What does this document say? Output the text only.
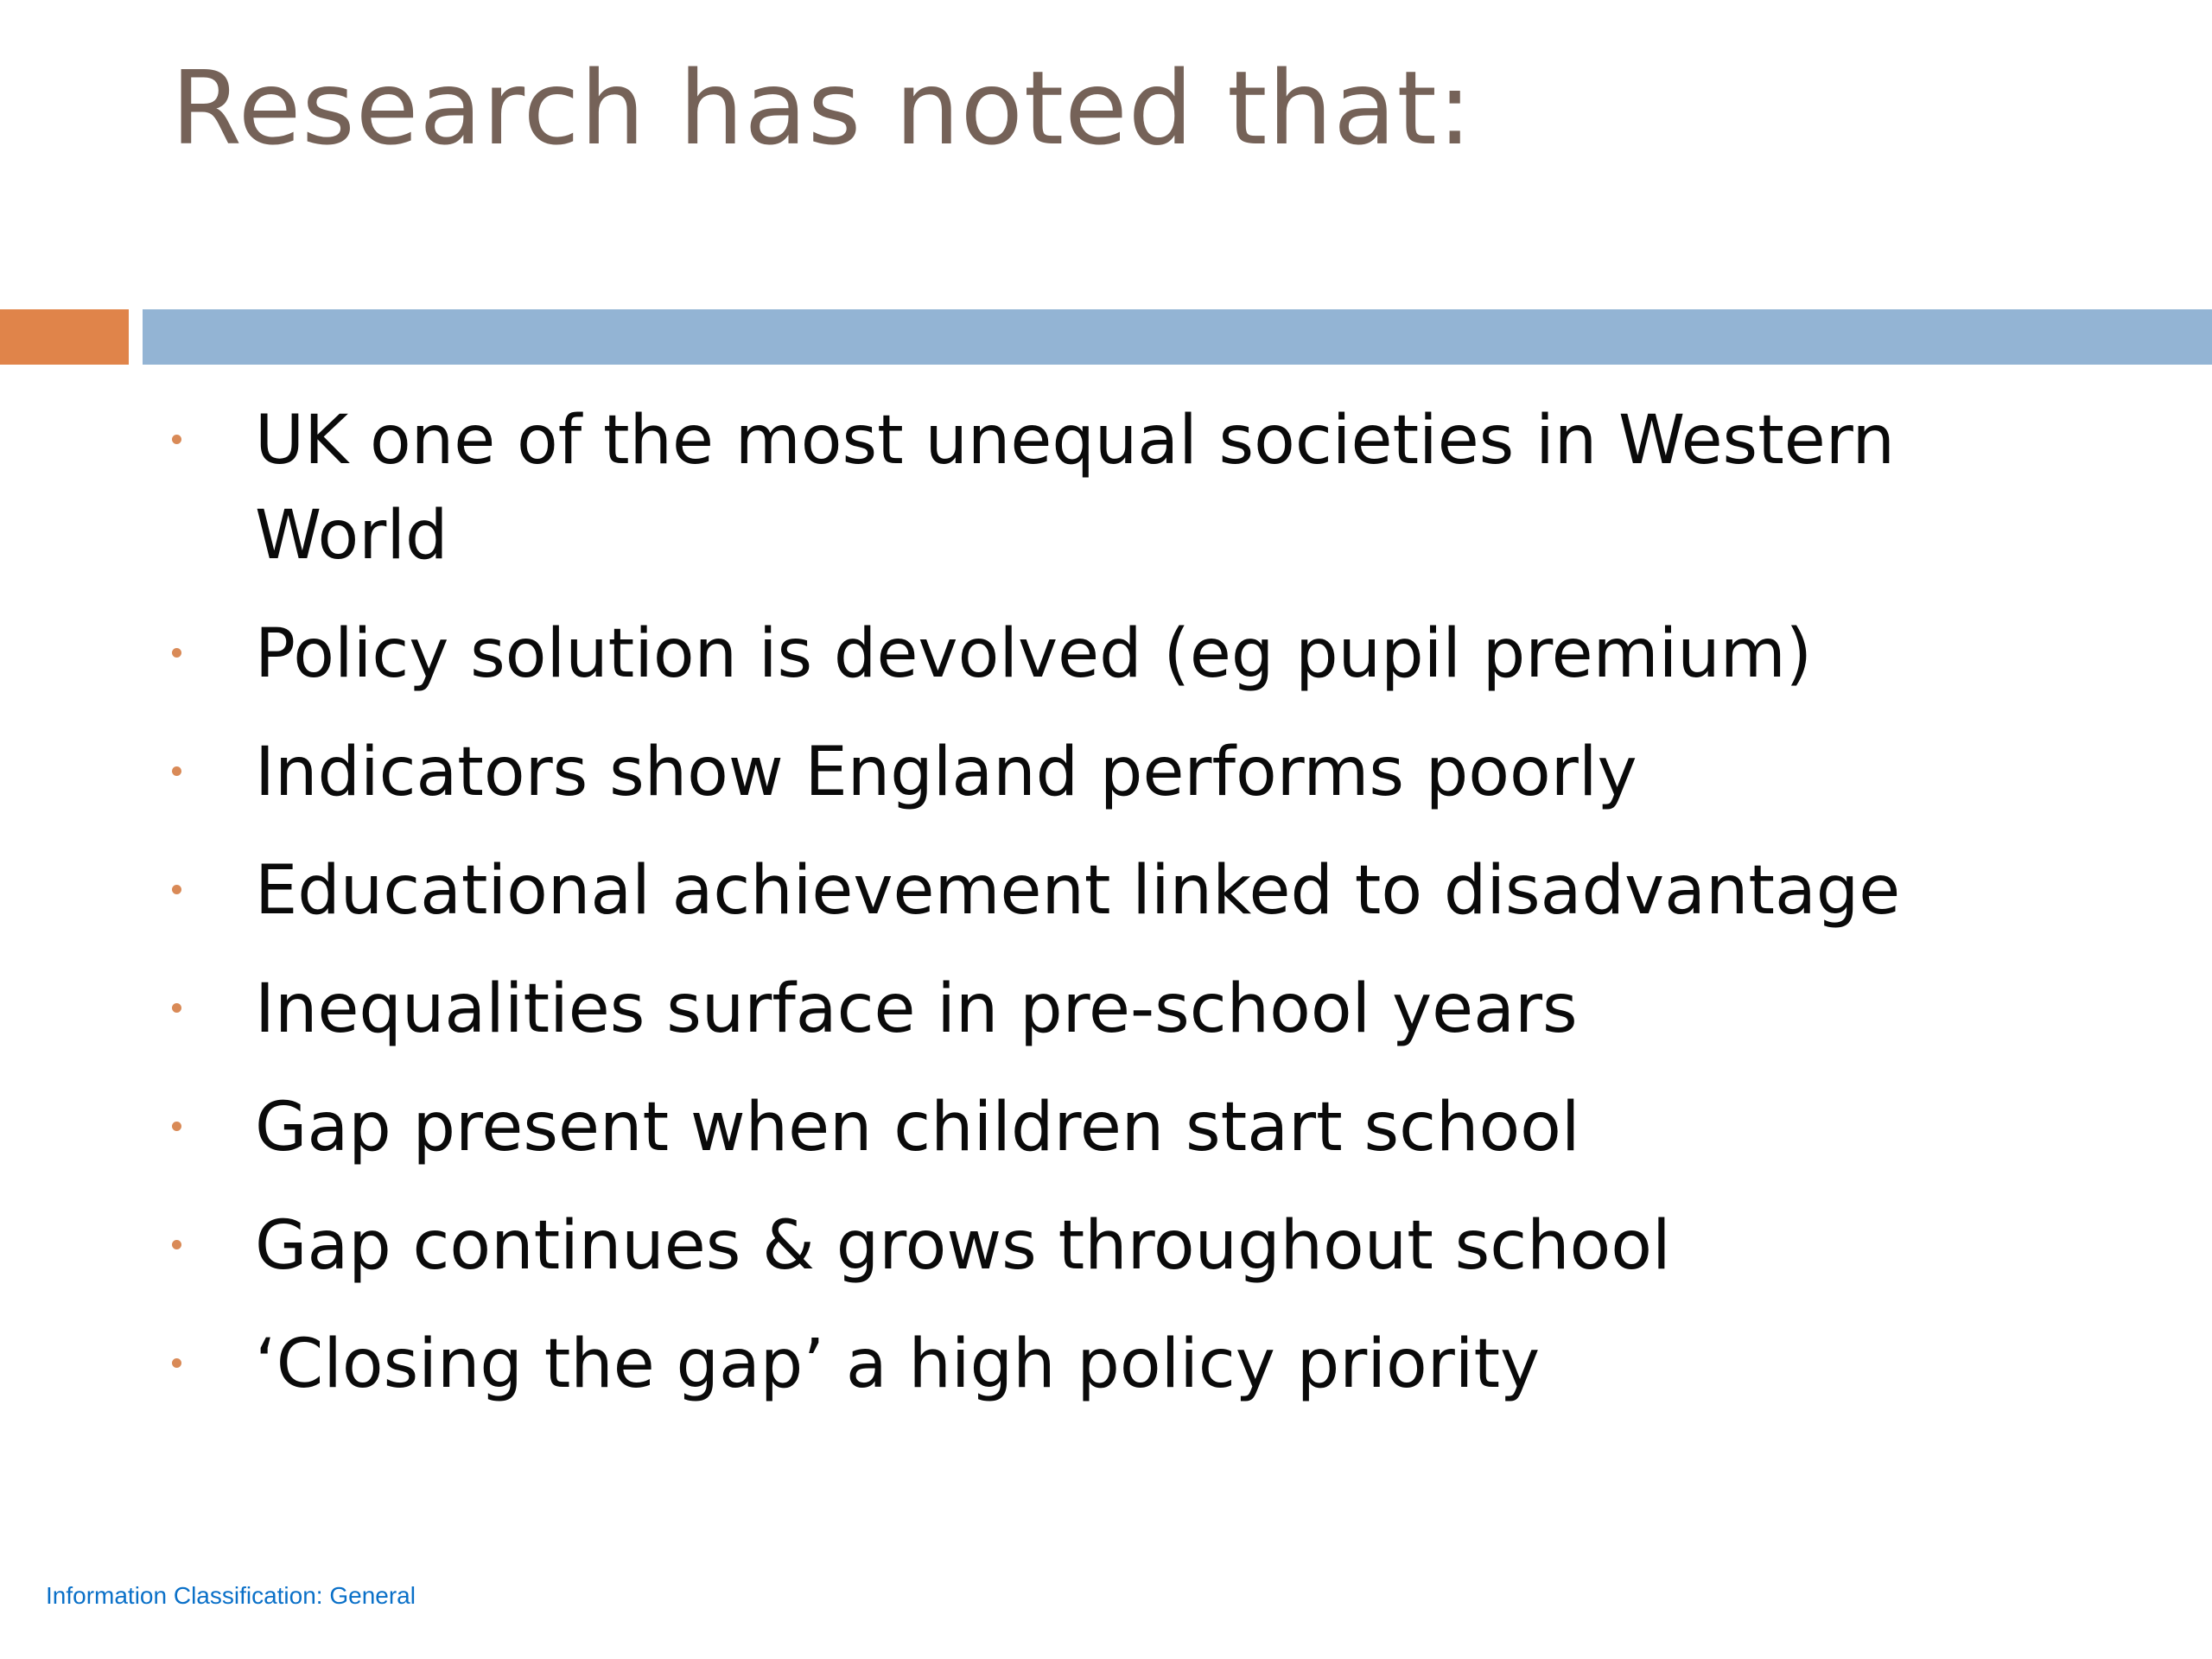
Research has noted that:
UK one of the most unequal societies in Western World
Policy solution is devolved (eg pupil premium)
Indicators show England performs poorly
Educational achievement linked to disadvantage
Inequalities surface in pre-school years
Gap present when children start school
Gap continues & grows throughout school
‘Closing the gap’ a high policy priority
Information Classification: General
